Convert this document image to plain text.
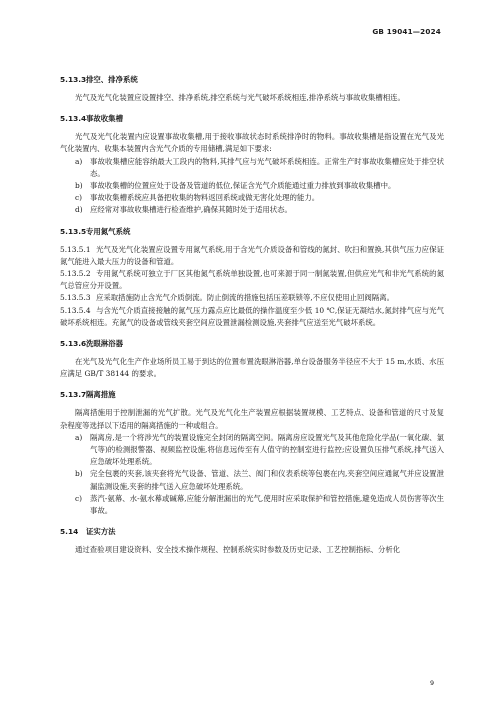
GB 19041—2024
5.13.3排空、排净系统

光气及光气化装置应设置排空、排净系统,排空系统与光气破坏系统相连,排净系统与事故收集槽相连。

5.13.4事故收集槽

光气及光气化装置内应设置事故收集槽,用于接收事故状态时系统排净时的物料。事故收集槽是指设置在光气及光气化装置内、收集本装置内含光气介质的专用储槽,满足如下要求:

a) 事故收集槽应能容纳最大工段内的物料,其排气应与光气破坏系统相连。正常生产时事故收集槽应处于排空状态。
b) 事故收集槽的位置应处于设备及管道的低位,保证含光气介质能通过重力排放到事故收集槽中。
c) 事故收集槽系统应具备把收集的物料返回系统或做无害化处理的能力。
d) 应经常对事故收集槽进行检查维护,确保其随时处于适用状态。
5.13.5专用氮气系统

5.13.5.1 光气及光气化装置应设置专用氮气系统,用于含光气介质设备和管线的氮封、吹扫和置换,其供气压力应保证氮气能进入最大压力的设备和管道。

5.13.5.2 专用氮气系统可独立于厂区其他氮气系统单独设置,也可来源于同一制氮装置,但供应光气和非光气系统的氮气总管应分开设置。

5.13.5.3 应采取措施防止含光气介质倒流。防止倒流的措施包括压差联锁等,不应仅使用止回阀隔离。

5.13.5.4 与含光气介质直接接触的氮气压力露点应比最低的操作温度至少低 10 ℃,保证无凝结水,氮封排气应与光气破坏系统相连。充氮气的设备或管线夹套空间应设置泄漏检测设施,夹套排气应送至光气破坏系统。

5.13.6洗眼淋浴器

在光气及光气化生产作业场所员工易于到达的位置布置洗眼淋浴器,单台设备服务半径应不大于 15 m,水质、水压应满足 GB/T 38144 的要求。

5.13.7隔离措施

隔离措施用于控制泄漏的光气扩散。光气及光气化生产装置应根据装置规模、工艺特点、设备和管道的尺寸及复杂程度等选择以下适用的隔离措施的一种或组合。

a) 隔离房,是一个将涉光气的装置设施完全封闭的隔离空间。隔离房应设置光气及其他危险化学品(一氧化碳、氯气等)的检测报警器、视频监控设施,将信息远传至有人值守的控制室进行监控;应设置负压排气系统,排气送入应急破坏处理系统。
b) 完全包裹的夹套,该夹套将光气设备、管道、法兰、阀门和仪表系统等包裹在内,夹套空间应通氮气并应设置泄漏监测设施,夹套的排气送入应急破坏处理系统。
c) 蒸汽-氨幕、水-氨水幕或碱幕,应能分解泄漏出的光气,使用时应采取保护和管控措施,避免造成人员伤害等次生事故。
5.14 证实方法

通过查验项目建设资料、安全技术操作规程、控制系统实时参数及历史记录、工艺控制指标、分析化

9
